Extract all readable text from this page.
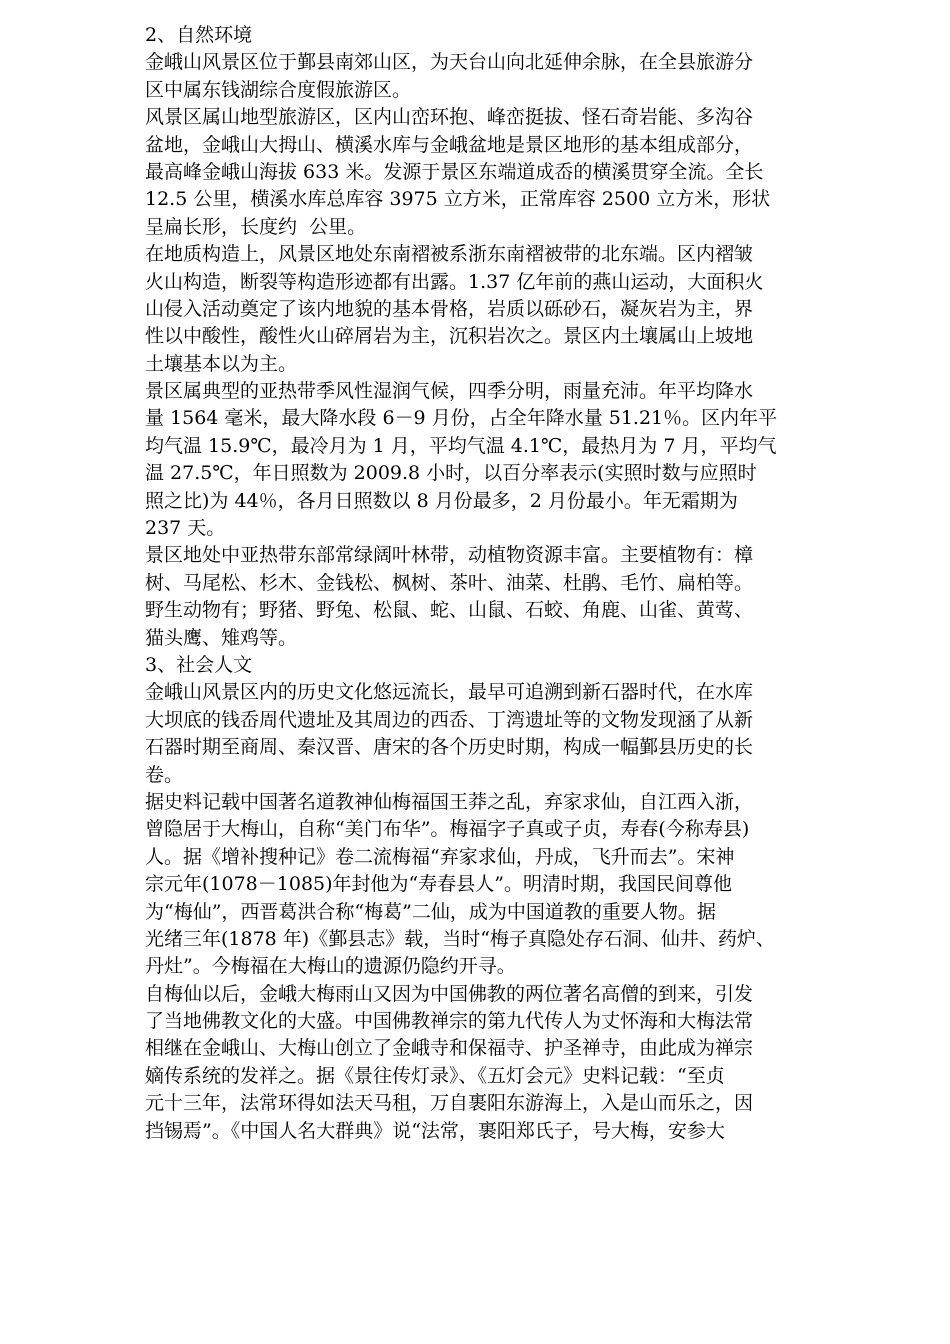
2、自然环境
金峨山风景区位于鄞县南郊山区，为天台山向北延伸余脉，在全县旅游分
区中属东钱湖综合度假旅游区。
风景区属山地型旅游区，区内山峦环抱、峰峦挺拔、怪石奇岩能、多沟谷
盆地，金峨山大拇山、横溪水库与金峨盆地是景区地形的基本组成部分，
最高峰金峨山海拔 633 米。发源于景区东端道成岙的横溪贯穿全流。全长
12.5 公里，横溪水库总库容 3975 立方米，正常库容 2500 立方米，形状
呈扁长形，长度约  公里。
在地质构造上，风景区地处东南褶被系浙东南褶被带的北东端。区内褶皱
火山构造，断裂等构造形迹都有出露。1.37 亿年前的燕山运动，大面积火
山侵入活动奠定了该内地貌的基本骨格，岩质以砾砂石，凝灰岩为主，界
性以中酸性，酸性火山碎屑岩为主，沉积岩次之。景区内土壤属山上坡地
土壤基本以为主。
景区属典型的亚热带季风性湿润气候，四季分明，雨量充沛。年平均降水
量 1564 毫米，最大降水段 6－9 月份，占全年降水量 51.21％。区内年平
均气温 15.9℃，最冷月为 1 月，平均气温 4.1℃，最热月为 7 月，平均气
温 27.5℃，年日照数为 2009.8 小时，以百分率表示(实照时数与应照时
照之比)为 44％，各月日照数以 8 月份最多，2 月份最小。年无霜期为
237 天。
景区地处中亚热带东部常绿阔叶林带，动植物资源丰富。主要植物有：樟
树、马尾松、杉木、金钱松、枫树、茶叶、油菜、杜鹃、毛竹、扁柏等。
野生动物有；野猪、野兔、松鼠、蛇、山鼠、石蛟、角鹿、山雀、黄莺、
猫头鹰、雉鸡等。
3、社会人文
金峨山风景区内的历史文化悠远流长，最早可追溯到新石器时代，在水库
大坝底的钱岙周代遗址及其周边的西岙、丁湾遗址等的文物发现涵了从新
石器时期至商周、秦汉晋、唐宋的各个历史时期，构成一幅鄞县历史的长
卷。
据史料记载中国著名道教神仙梅福国王莽之乱，弃家求仙，自江西入浙，
曾隐居于大梅山，自称“美门布华”。梅福字子真或子贞，寿春(今称寿县)
人。据《增补搜种记》卷二流梅福“弃家求仙，丹成，飞升而去”。宋神
宗元年(1078－1085)年封他为“寿春县人”。明清时期，我国民间尊他
为“梅仙”，西晋葛洪合称“梅葛”二仙，成为中国道教的重要人物。据
光绪三年(1878 年)《鄞县志》载，当时“梅子真隐处存石洞、仙井、药炉、
丹灶”。今梅福在大梅山的遗源仍隐约开寻。
自梅仙以后，金峨大梅雨山又因为中国佛教的两位著名高僧的到来，引发
了当地佛教文化的大盛。中国佛教禅宗的第九代传人为丈怀海和大梅法常
相继在金峨山、大梅山创立了金峨寺和保福寺、护圣禅寺，由此成为禅宗
嫡传系统的发祥之。据《景往传灯录》、《五灯会元》史料记载：“至贞
元十三年，法常环得如法天马租，万自裹阳东游海上，入是山而乐之，因
挡锡焉”。《中国人名大群典》说“法常，裹阳郑氏子，号大梅，安参大
